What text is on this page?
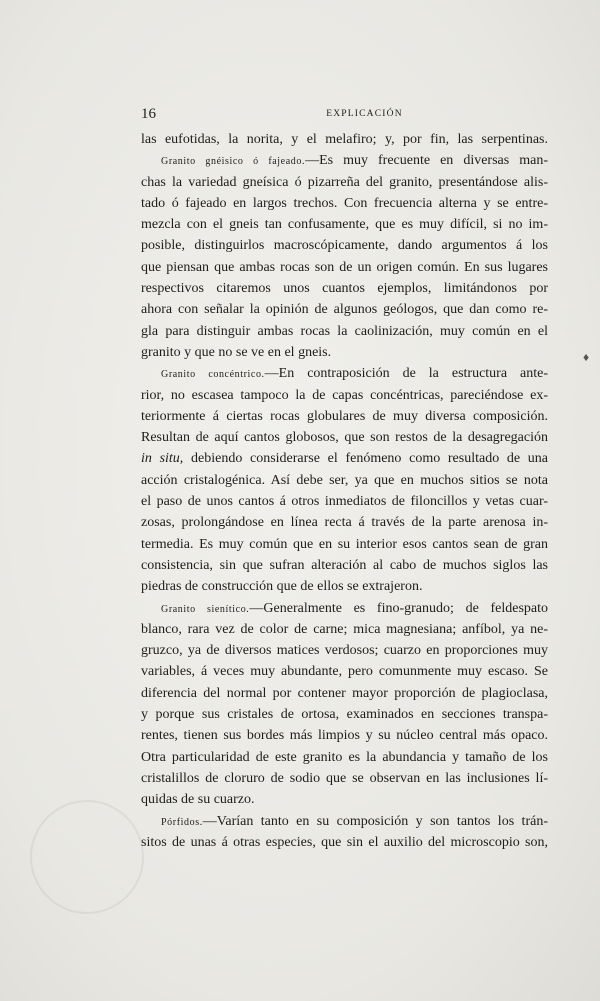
♦
16	EXPLICACIÓN
las eufotidas, la norita, y el melafiro; y, por fin, las serpentinas.
Granito gnéisico ó fajeado.—Es muy frecuente en diversas man-
chas la variedad gneísica ó pizarreña del granito, presentándose alis-
tado ó fajeado en largos trechos. Con frecuencia alterna y se entre-
mezcla con el gneis tan confusamente, que es muy difícil, si no im-
posible, distinguirlos macroscópicamente, dando argumentos á los
que piensan que ambas rocas son de un origen común. En sus lugares
respectivos citaremos unos cuantos ejemplos, limitándonos por
ahora con señalar la opinión de algunos geólogos, que dan como re-
gla para distinguir ambas rocas la caolinización, muy común en el
granito y que no se ve en el gneis.
Granito concéntrico.—En contraposición de la estructura ante-
rior, no escasea tampoco la de capas concéntricas, pareciéndose ex-
teriormente á ciertas rocas globulares de muy diversa composición.
Resultan de aquí cantos globosos, que son restos de la desagregación
in situ, debiendo considerarse el fenómeno como resultado de una
acción cristalogénica. Así debe ser, ya que en muchos sitios se nota
el paso de unos cantos á otros inmediatos de filoncillos y vetas cuar-
zosas, prolongándose en línea recta á través de la parte arenosa in-
termedia. Es muy común que en su interior esos cantos sean de gran
consistencia, sin que sufran alteración al cabo de muchos siglos las
piedras de construcción que de ellos se extrajeron.
Granito sienítico.—Generalmente es fino-granudo; de feldespato
blanco, rara vez de color de carne; mica magnesiana; anfíbol, ya ne-
gruzco, ya de diversos matices verdosos; cuarzo en proporciones muy
variables, á veces muy abundante, pero comunmente muy escaso. Se
diferencia del normal por contener mayor proporción de plagioclasa,
y porque sus cristales de ortosa, examinados en secciones transpa-
rentes, tienen sus bordes más limpios y su núcleo central más opaco.
Otra particularidad de este granito es la abundancia y tamaño de los
cristalillos de cloruro de sodio que se observan en las inclusiones lí-
quidas de su cuarzo.
Pórfidos.—Varían tanto en su composición y son tantos los trán-
sitos de unas á otras especies, que sin el auxilio del microscopio son,
